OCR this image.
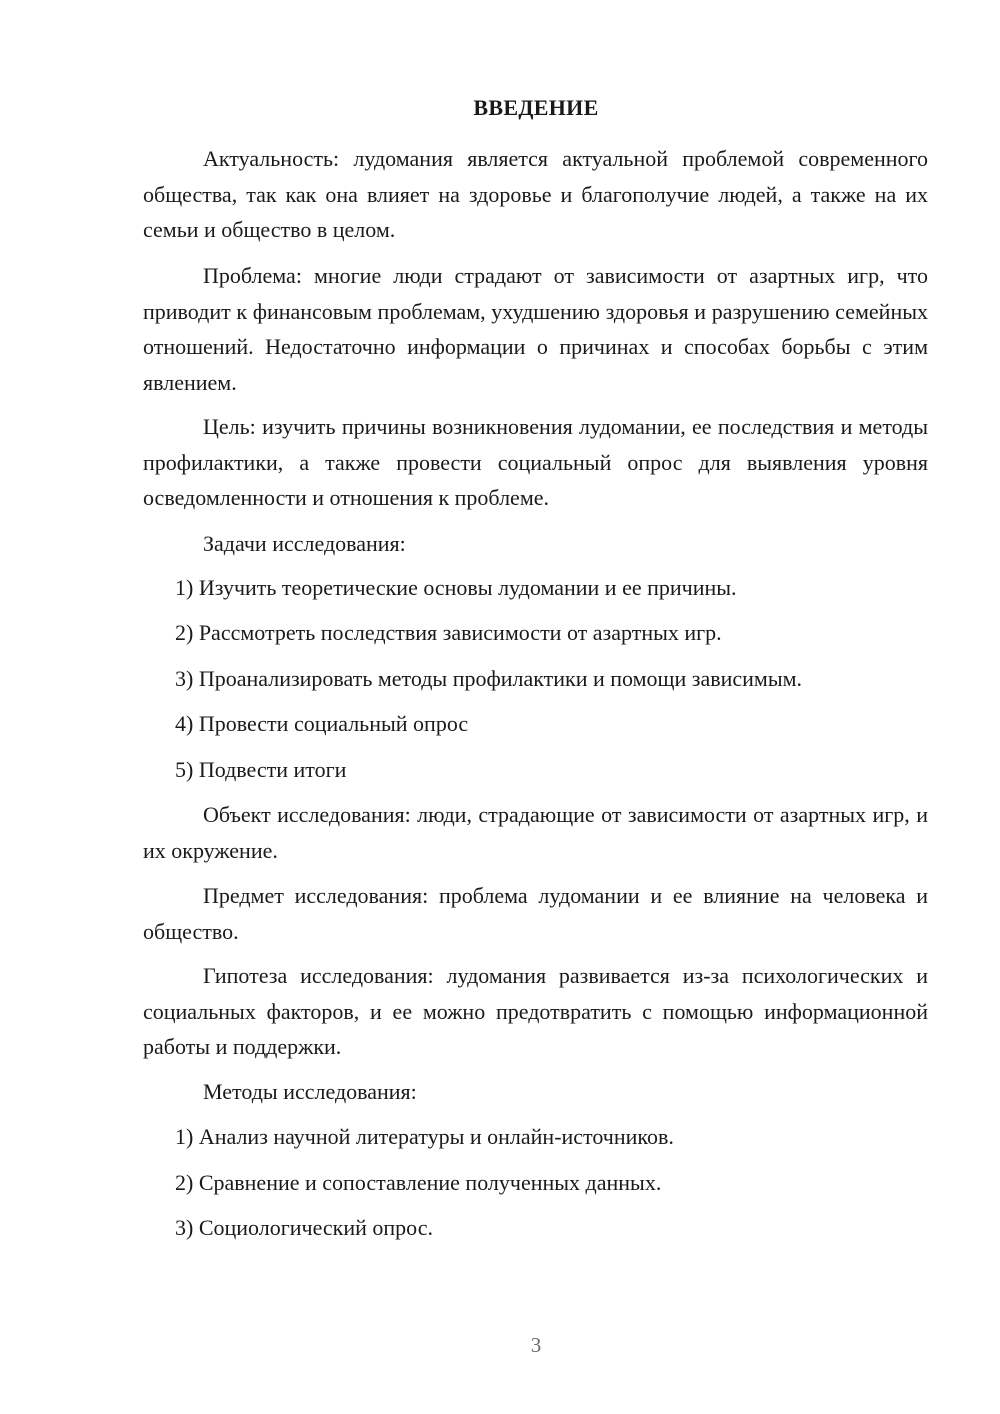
ВВЕДЕНИЕ

Актуальность: лудомания является актуальной проблемой современного общества, так как она влияет на здоровье и благополучие людей, а также на их семьи и общество в целом.

Проблема: многие люди страдают от зависимости от азартных игр, что приводит к финансовым проблемам, ухудшению здоровья и разрушению семейных отношений. Недостаточно информации о причинах и способах борьбы с этим явлением.

Цель: изучить причины возникновения лудомании, ее последствия и методы профилактики, а также провести социальный опрос для выявления уровня осведомленности и отношения к проблеме.

Задачи исследования:

1) Изучить теоретические основы лудомании и ее причины.

2) Рассмотреть последствия зависимости от азартных игр.

3) Проанализировать методы профилактики и помощи зависимым.

4) Провести социальный опрос

5) Подвести итоги

Объект исследования: люди, страдающие от зависимости от азартных игр, и их окружение.

Предмет исследования: проблема лудомании и ее влияние на человека и общество.

Гипотеза исследования: лудомания развивается из-за психологических и социальных факторов, и ее можно предотвратить с помощью информационной работы и поддержки.

Методы исследования:

1) Анализ научной литературы и онлайн-источников.

2) Сравнение и сопоставление полученных данных.

3) Социологический опрос.

3
